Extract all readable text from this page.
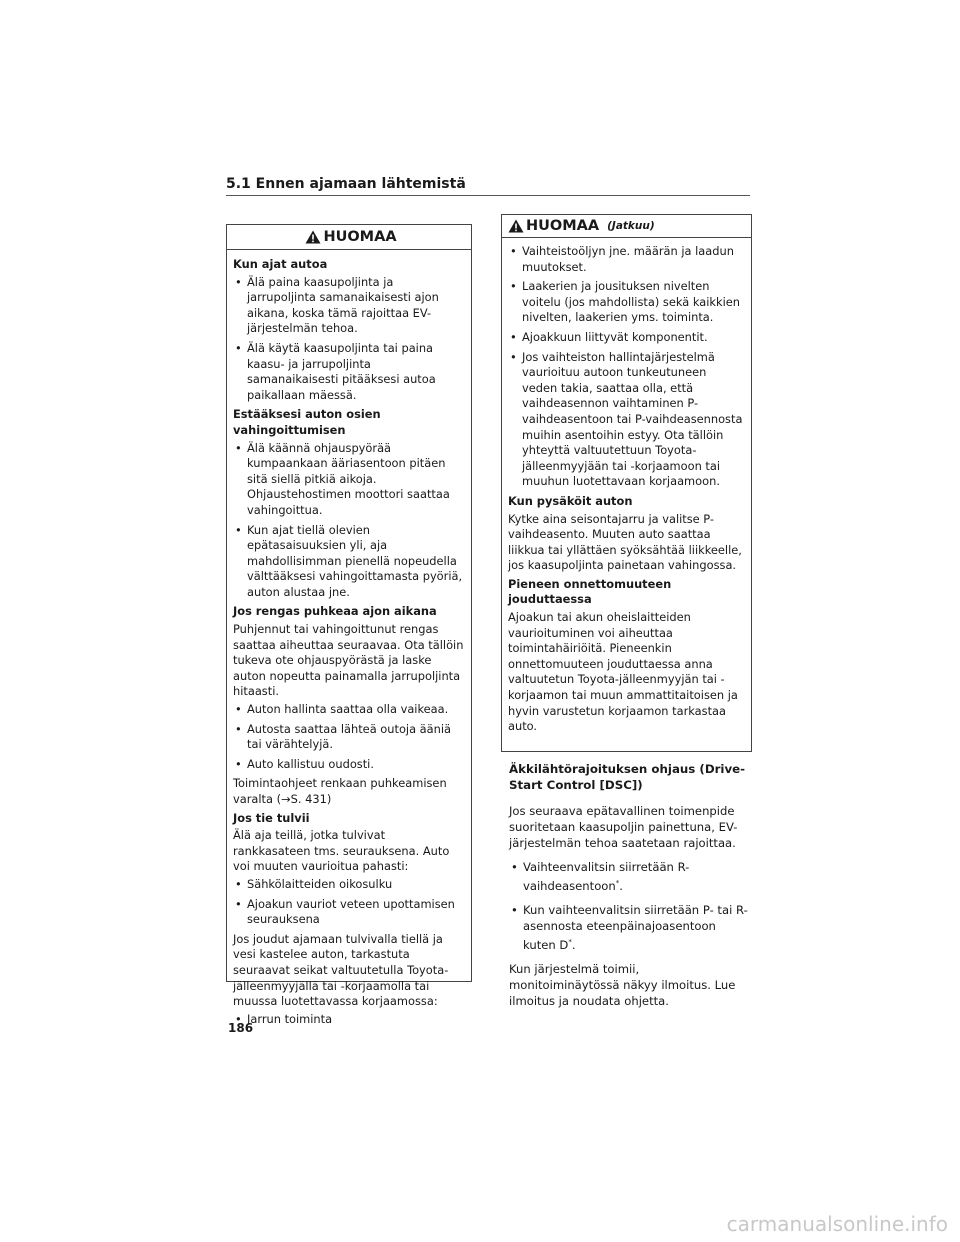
5.1 Ennen ajamaan lähtemistä
HUOMAA
Kun ajat autoa
• Älä paina kaasupoljinta ja jarrupoljinta samanaikaisesti ajon aikana, koska tämä rajoittaa EV-järjestelmän tehoa.
• Älä käytä kaasupoljinta tai paina kaasu- ja jarrupoljinta samanaikaisesti pitääksesi autoa paikallaan mäessä.
Estääksesi auton osien vahingoittumisen
• Älä käännä ohjauspyörää kumpaankaan ääriasentoon pitäen sitä siellä pitkiä aikoja. Ohjaustehostimen moottori saattaa vahingoittua.
• Kun ajat tiellä olevien epätasaisuuksien yli, aja mahdollisimman pienellä nopeudella välttääksesi vahingoittamasta pyöriä, auton alustaa jne.
Jos rengas puhkeaa ajon aikana
Puhjennut tai vahingoittunut rengas saattaa aiheuttaa seuraavaa. Ota tällöin tukeva ote ohjauspyörästä ja laske auton nopeutta painamalla jarrupoljinta hitaasti.
• Auton hallinta saattaa olla vaikeaa.
• Autosta saattaa lähteä outoja ääniä tai värähtelyjä.
• Auto kallistuu oudosti.
Toimintaohjeet renkaan puhkeamisen varalta (→S. 431)
Jos tie tulvii
Älä aja teillä, jotka tulvivat rankkasateen tms. seurauksena. Auto voi muuten vaurioitua pahasti:
• Sähkölaitteiden oikosulku
• Ajoakun vauriot veteen upottamisen seurauksena
Jos joudut ajamaan tulvivalla tiellä ja vesi kastelee auton, tarkastuta seuraavat seikat valtuutetulla Toyota-jälleenmyyjällä tai -korjaamolla tai muussa luotettavassa korjaamossa:
• Jarrun toiminta
HUOMAA (Jatkuu)
• Vaihteistoöljyn jne. määrän ja laadun muutokset.
• Laakerien ja jousituksen nivelten voitelu (jos mahdollista) sekä kaikkien nivelten, laakerien yms. toiminta.
• Ajoakkuun liittyvät komponentit.
• Jos vaihteiston hallintajärjestelmä vaurioituu autoon tunkeutuneen veden takia, saattaa olla, että vaihdeasennon vaihtaminen P-vaihdeasentoon tai P-vaihdeasennosta muihin asentoihin estyy. Ota tällöin yhteyttä valtuutettuun Toyota-jälleenmyyjään tai -korjaamoon tai muuhun luotettavaan korjaamoon.
Kun pysäköit auton
Kytke aina seisontajarru ja valitse P-vaihdeasento. Muuten auto saattaa liikkua tai yllättäen syöksähtää liikkeelle, jos kaasupoljinta painetaan vahingossa.
Pieneen onnettomuuteen jouduttaessa
Ajoakun tai akun oheislaitteiden vaurioituminen voi aiheuttaa toimintahäiriöitä. Pieneenkin onnettomuuteen jouduttaessa anna valtuutetun Toyota-jälleenmyyjän tai -korjaamon tai muun ammattitaitoisen ja hyvin varustetun korjaamon tarkastaa auto.
Äkkilähtörajoituksen ohjaus (Drive-Start Control [DSC])
Jos seuraava epätavallinen toimenpide suoritetaan kaasupoljin painettuna, EV-järjestelmän tehoa saatetaan rajoittaa.
• Vaihteenvalitsin siirretään R-vaihdeasentoon*.
• Kun vaihteenvalitsin siirretään P- tai R-asennosta eteenpäinajoasentoon kuten D*.
Kun järjestelmä toimii, monitoiminäytössä näkyy ilmoitus. Lue ilmoitus ja noudata ohjetta.
186
carmanualsonline.info
